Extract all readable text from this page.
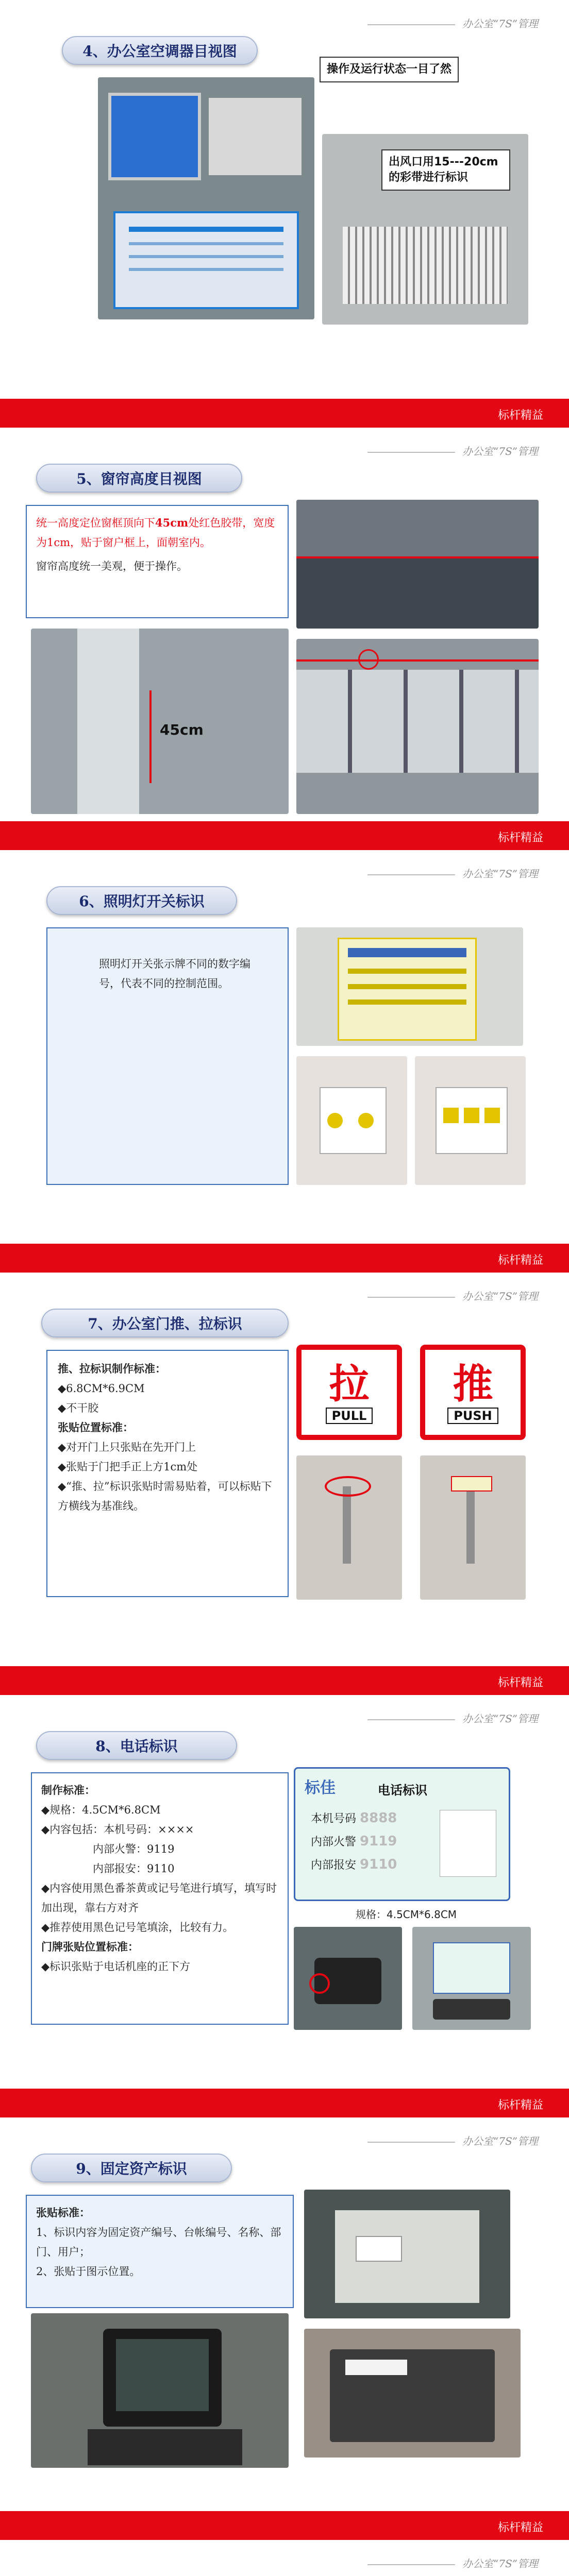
办公室“7S”管理
4、办公室空调器目视图
操作及运行状态一目了然
出风口用15---20cm的彩带进行标识
标杆精益
办公室“7S”管理
5、窗帘高度目视图

统一高度定位窗框顶向下45cm处红色胶带，宽度为1cm，贴于窗户框上，面朝室内。

窗帘高度统一美观，便于操作。

45cm
标杆精益
办公室“7S”管理
6、照明灯开关标识

照明灯开关张示牌不同的数字编号，代表不同的控制范围。

标杆精益
办公室“7S”管理
7、办公室门推、拉标识

推、拉标识制作标准：

◆6.8CM*6.9CM

◆不干胶

张贴位置标准：

◆对开门上只张贴在先开门上

◆张贴于门把手正上方1cm处

◆“推、拉”标识张贴时需易贴着，可以标贴下方横线为基准线。

拉
PULL
推
PUSH
标杆精益
办公室“7S”管理
8、电话标识

制作标准：

◆规格：4.5CM*6.8CM

◆内容包括：本机号码：××××

内部火警：9119

内部报安：9110

◆内容使用黑色番茶黄或记号笔进行填写，填写时加出现，靠右方对齐

◆推荐使用黑色记号笔填涂，比较有力。

门牌张贴位置标准：

◆标识张贴于电话机座的正下方

标佳	电话标识
本机号码 8888
内部火警 9119
内部报安 9110
规格：4.5CM*6.8CM
标杆精益
办公室“7S”管理
9、固定资产标识

张贴标准：

1、标识内容为固定资产编号、台帐编号、名称、部门、用户；

2、张贴于图示位置。

标杆精益
办公室“7S”管理
